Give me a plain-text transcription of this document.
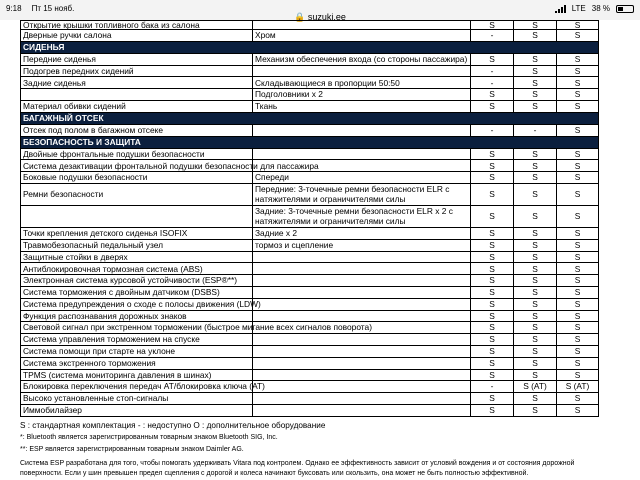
9:18 Пт 15 нояб.
🔒 suzuki.ee
LTE 38 %
Открытие крышки топливного бака из салона		S	S	S
Дверные ручки салона	Хром	-	S	S
СИДЕНЬЯ				
Передние сиденья	Механизм обеспечения входа (со стороны пассажира)	S	S	S
Подогрев передних сидений		-	S	S
Задние сиденья	Складывающиеся в пропорции 50:50	-	S	S
	Подголовники x 2	S	S	S
Материал обивки сидений	Ткань	S	S	S
БАГАЖНЫЙ ОТСЕК				
Отсек под полом в багажном отсеке		-	-	S
БЕЗОПАСНОСТЬ И ЗАЩИТА				
Двойные фронтальные подушки безопасности		S	S	S
Система дезактивации фронтальной подушки безопасности для пассажира		S	S	S
Боковые подушки безопасности	Спереди	S	S	S
Ремни безопасности	Передние: 3-точечные ремни безопасности ELR с натяжителями и ограничителями силы	S	S	S
	Задние: 3-точечные ремни безопасности ELR x 2 с натяжителями и ограничителями силы	S	S	S
Точки крепления детского сиденья ISOFIX	Задние x 2	S	S	S
Травмобезопасный педальный узел	тормоз и сцепление	S	S	S
Защитные стойки в дверях		S	S	S
Антиблокировочная тормозная система (ABS)		S	S	S
Электронная система курсовой устойчивости (ESP®**)		S	S	S
Система торможения с двойным датчиком (DSBS)		S	S	S
Система предупреждения о сходе с полосы движения (LDW)		S	S	S
Функция распознавания дорожных знаков		S	S	S
Световой сигнал при экстренном торможении (быстрое мигание всех сигналов поворота)		S	S	S
Система управления торможением на спуске		S	S	S
Система помощи при старте на уклоне		S	S	S
Система экстренного торможения		S	S	S
TPMS (система мониторинга давления в шинах)		S	S	S
Блокировка переключения передач AT/блокировка ключа (AT)		-	S (AT)	S (AT)
Высоко установленные стоп-сигналы		S	S	S
Иммобилайзер		S	S	S
S : стандартная комплектация - : недоступно O : дополнительное оборудование
*: Bluetooth является зарегистрированным товарным знаком Bluetooth SIG, Inc.
**: ESP является зарегистрированным товарным знаком Daimler AG.
Система ESP разработана для того, чтобы помогать удерживать Vitara под контролем. Однако ее эффективность зависит от условий вождения и от состояния дорожной поверхности. Если у шин превышен предел сцепления с дорогой и колеса начинают буксовать или скользить, она может не быть полностью эффективной.
